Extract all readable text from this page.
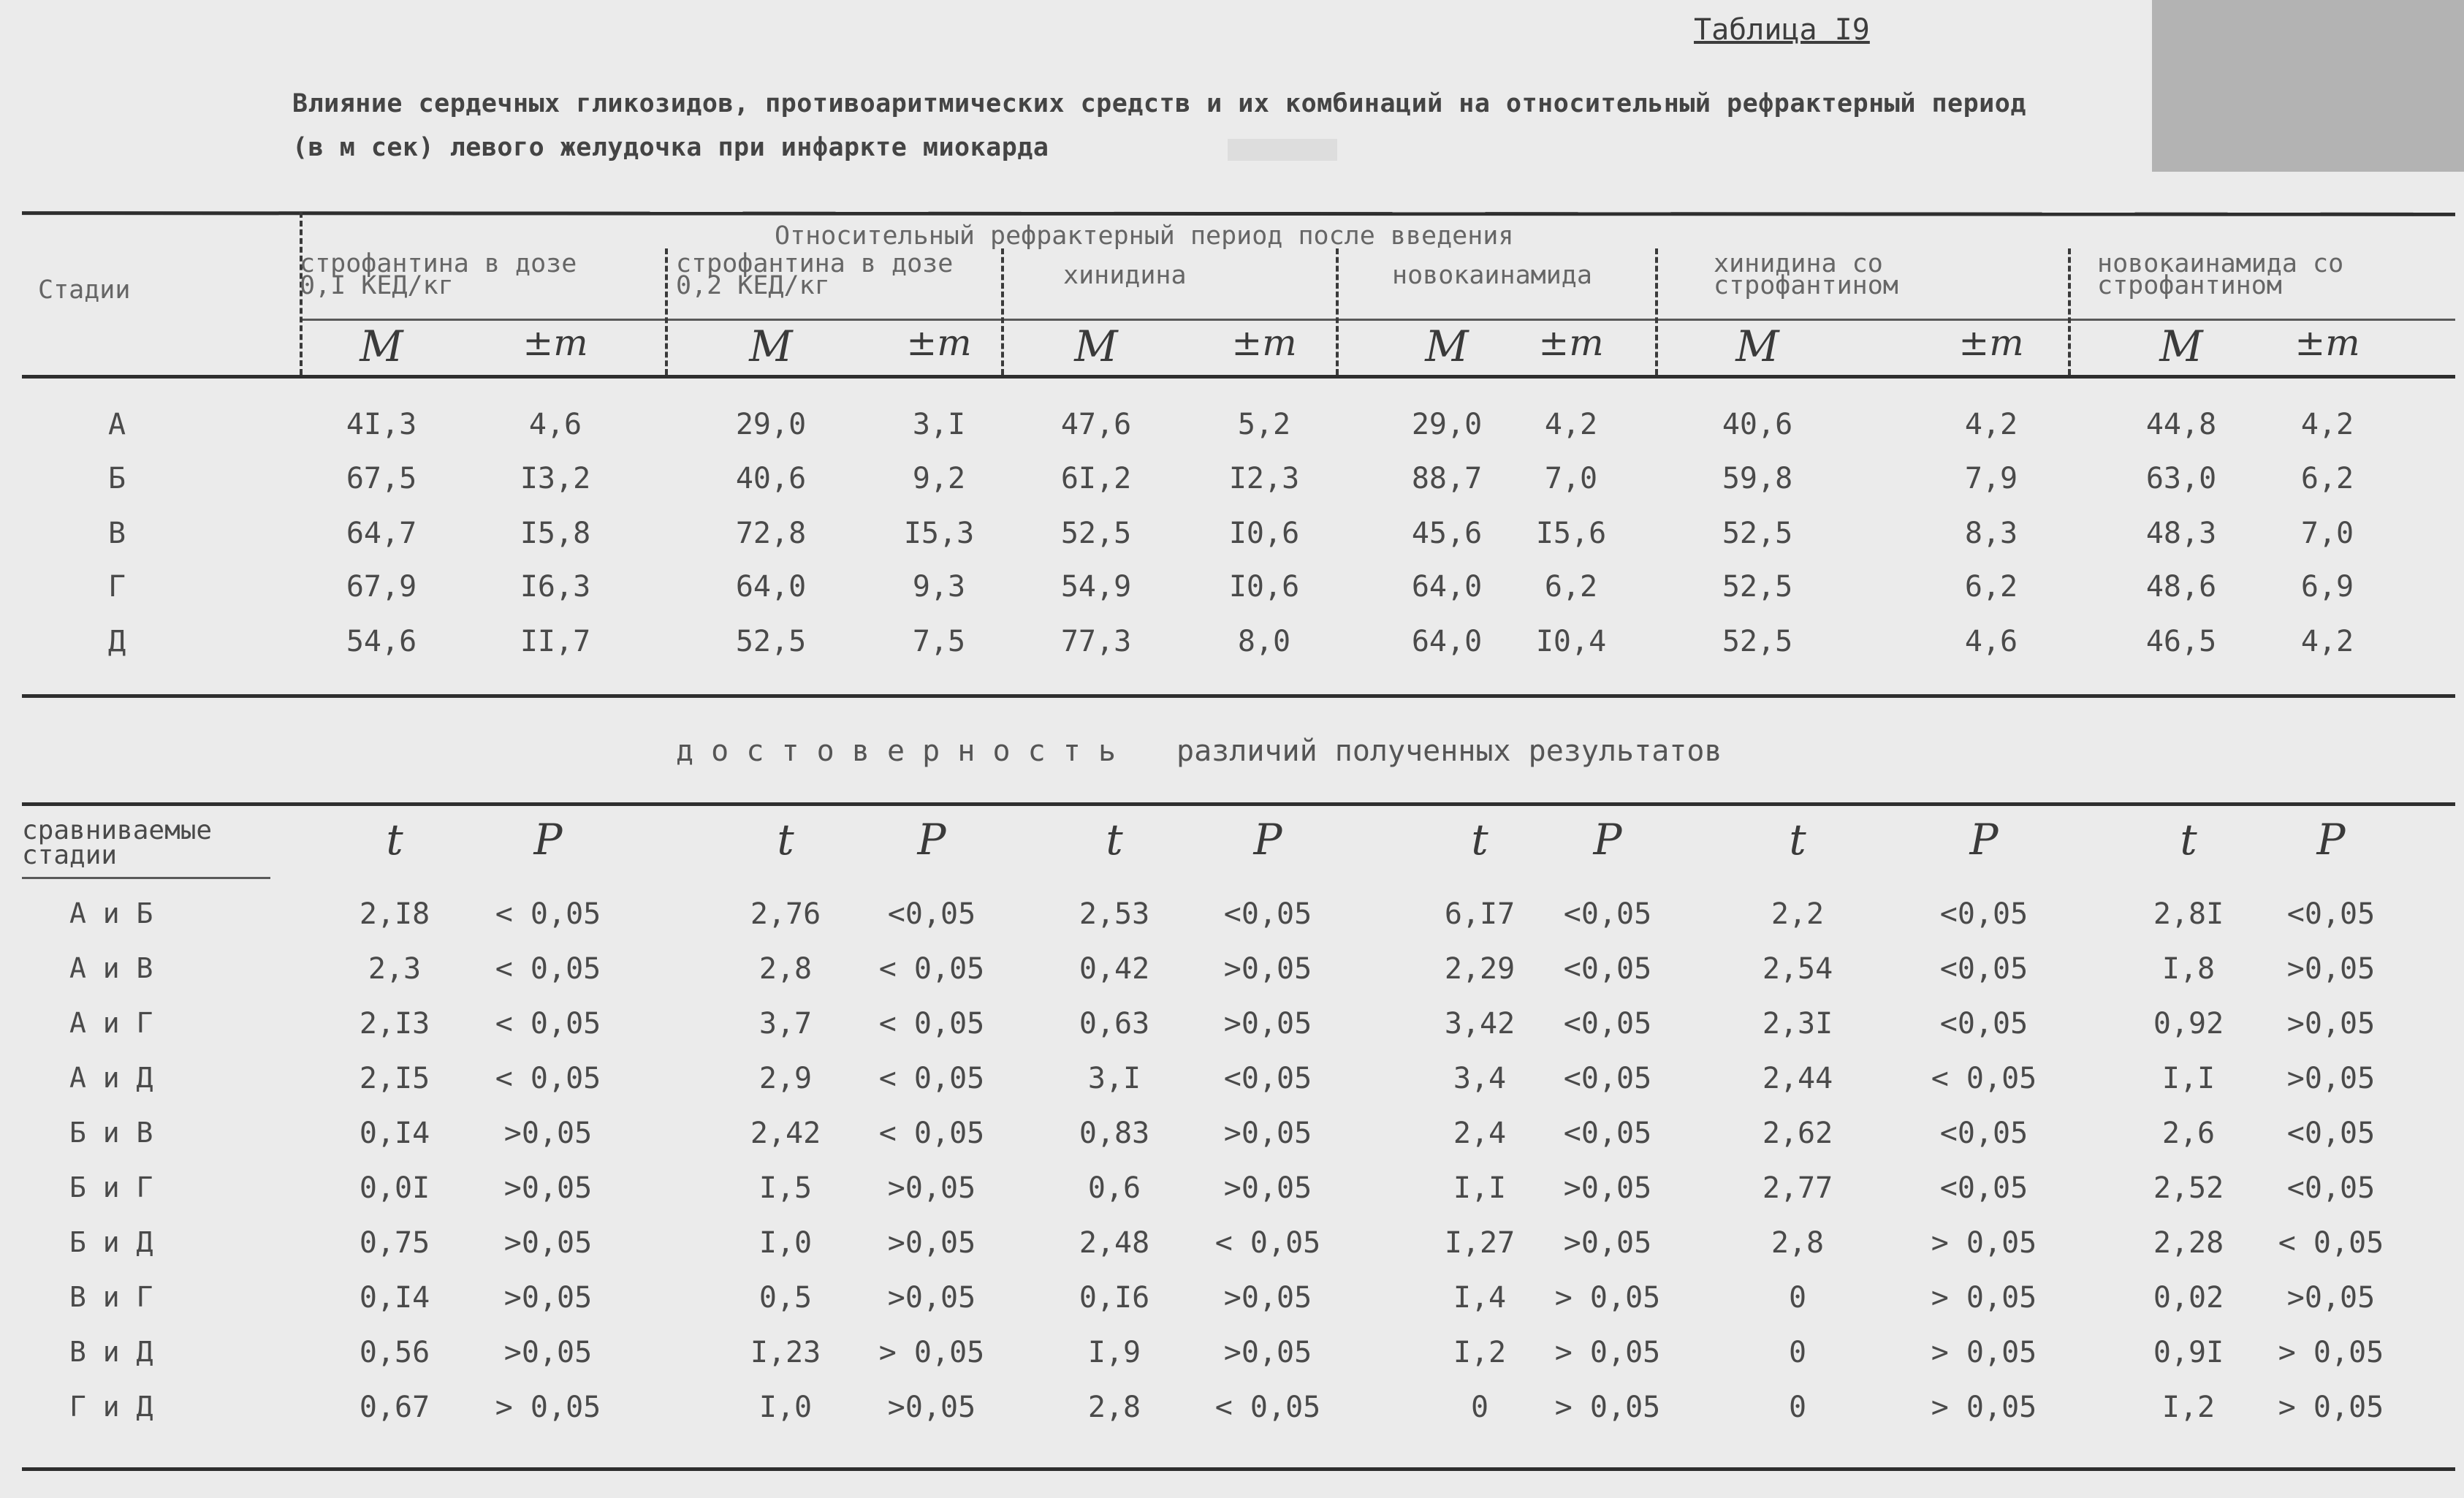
Таблица I9
Влияние сердечных гликозидов, противоаритмических средств и их комбинаций на относительный рефрактерный период
(в м сек) левого желудочка при инфаркте миокарда
Стадии
Относительный рефрактерный период после введения
строфантина в дозе
0,I КЕД/кг
строфантина в дозе
0,2 КЕД/кг	хинидина	новокаинамида	хинидина со
строфантином
новокаинамида со
строфантином
M	±m	M	±m M	±m	M ±m	M	±m	M	±m
А	4I,3	4,6	29,0	3,I	47,6	5,2	29,0 4,2	40,6	4,2	44,8	4,2
Б	67,5	I3,2	40,6	9,2	6I,2	I2,3	88,7 7,0	59,8	7,9	63,0	6,2
В	64,7	I5,8	72,8	I5,3	52,5	I0,6	45,6 I5,6	52,5	8,3	48,3	7,0
Г	67,9	I6,3	64,0	9,3	54,9	I0,6	64,0 6,2	52,5	6,2	48,6	6,9
Д	54,6	II,7	52,5	7,5	77,3	8,0	64,0 I0,4	52,5	4,6	46,5	4,2
д о с т о в е р н о с т ь различий полученных результатов
сравниваемые
стадии	t	P	t	P	t	P	t P	t	P	t	P
А и Б	2,I8 < 0,05	2,76 <0,05	2,53	<0,05	6,I7 <0,05	2,2	<0,05	2,8I <0,05
А и В	2,3	< 0,05	2,8 < 0,05	0,42	>0,05	2,29 <0,05	2,54	<0,05	I,8 >0,05
А и Г	2,I3 < 0,05	3,7 < 0,05	0,63	>0,05	3,42 <0,05	2,3I	<0,05	0,92 >0,05
А и Д	2,I5 < 0,05	2,9 < 0,05	3,I	<0,05	3,4 <0,05	2,44	< 0,05	I,I >0,05
Б и В	0,I4	>0,05	2,42 < 0,05	0,83	>0,05	2,4 <0,05	2,62	<0,05	2,6 <0,05
Б и Г	0,0I	>0,05	I,5	>0,05	0,6	>0,05	I,I >0,05	2,77	<0,05	2,52 <0,05
Б и Д	0,75	>0,05	I,0	>0,05	2,48 < 0,05	I,27 >0,05	2,8	> 0,05	2,28 < 0,05
В и Г	0,I4	>0,05	0,5	>0,05	0,I6	>0,05	I,4 > 0,05	0	> 0,05	0,02 >0,05
В и Д	0,56	>0,05	I,23 > 0,05	I,9	>0,05	I,2 > 0,05	0	> 0,05	0,9I > 0,05
Г и Д	0,67 > 0,05	I,0	>0,05	2,8	< 0,05	0 > 0,05	0	> 0,05	I,2 > 0,05
